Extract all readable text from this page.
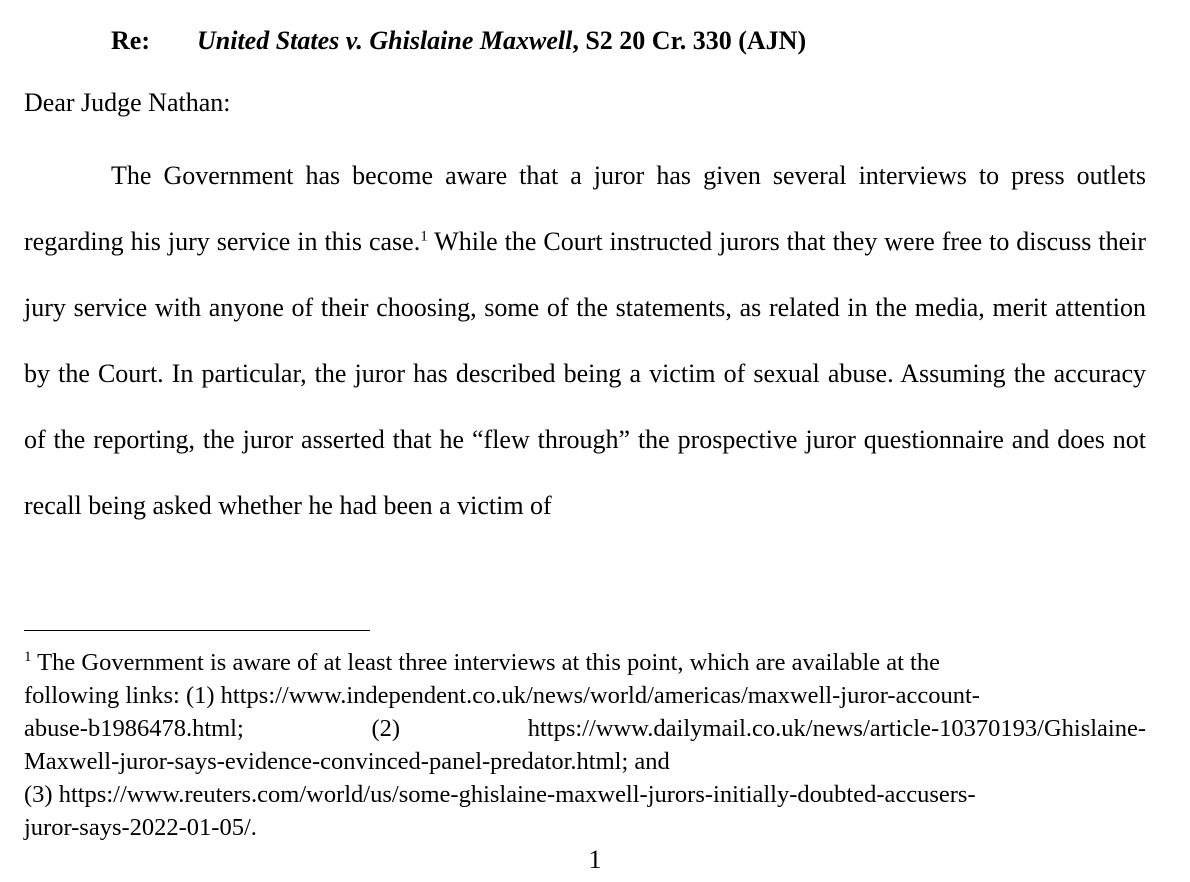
Re: United States v. Ghislaine Maxwell, S2 20 Cr. 330 (AJN)
Dear Judge Nathan:

The Government has become aware that a juror has given several interviews to press outlets regarding his jury service in this case.$^1$ While the Court instructed jurors that they were free to discuss their jury service with anyone of their choosing, some of the statements, as related in the media, merit attention by the Court. In particular, the juror has described being a victim of sexual abuse. Assuming the accuracy of the reporting, the juror asserted that he “flew through” the prospective juror questionnaire and does not recall being asked whether he had been a victim of

$^1$ The Government is aware of at least three interviews at this point, which are available at the
following links: (1) https://www.independent.co.uk/news/world/americas/maxwell-juror-account-
abuse-b1986478.html;	(2)	https://www.dailymail.co.uk/news/article-10370193/Ghislaine-
Maxwell-juror-says-evidence-convinced-panel-predator.html; and
(3) https://www.reuters.com/world/us/some-ghislaine-maxwell-jurors-initially-doubted-accusers-
juror-says-2022-01-05/.
1
